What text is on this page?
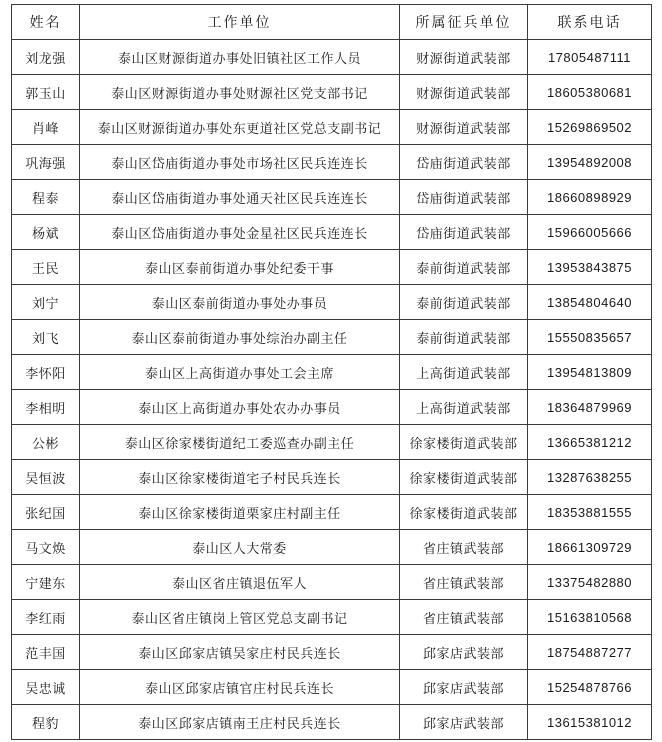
姓名	工作单位	所属征兵单位	联系电话
刘龙强	泰山区财源街道办事处旧镇社区工作人员	财源街道武装部	17805487111
郭玉山	泰山区财源街道办事处财源社区党支部书记	财源街道武装部	18605380681
肖峰	泰山区财源街道办事处东更道社区党总支副书记	财源街道武装部	15269869502
巩海强	泰山区岱庙街道办事处市场社区民兵连连长	岱庙街道武装部	13954892008
程泰	泰山区岱庙街道办事处通天社区民兵连连长	岱庙街道武装部	18660898929
杨斌	泰山区岱庙街道办事处金星社区民兵连连长	岱庙街道武装部	15966005666
王民	泰山区泰前街道办事处纪委干事	泰前街道武装部	13953843875
刘宁	泰山区泰前街道办事处办事员	泰前街道武装部	13854804640
刘飞	泰山区泰前街道办事处综治办副主任	泰前街道武装部	15550835657
李怀阳	泰山区上高街道办事处工会主席	上高街道武装部	13954813809
李相明	泰山区上高街道办事处农办办事员	上高街道武装部	18364879969
公彬	泰山区徐家楼街道纪工委巡查办副主任	徐家楼街道武装部	13665381212
吴恒波	泰山区徐家楼街道宅子村民兵连长	徐家楼街道武装部	13287638255
张纪国	泰山区徐家楼街道栗家庄村副主任	徐家楼街道武装部	18353881555
马文焕	泰山区人大常委	省庄镇武装部	18661309729
宁建东	泰山区省庄镇退伍军人	省庄镇武装部	13375482880
李红雨	泰山区省庄镇岗上管区党总支副书记	省庄镇武装部	15163810568
范丰国	泰山区邱家店镇吴家庄村民兵连长	邱家店武装部	18754887277
吴忠诚	泰山区邱家店镇官庄村民兵连长	邱家店武装部	15254878766
程豹	泰山区邱家店镇南王庄村民兵连长	邱家店武装部	13615381012
